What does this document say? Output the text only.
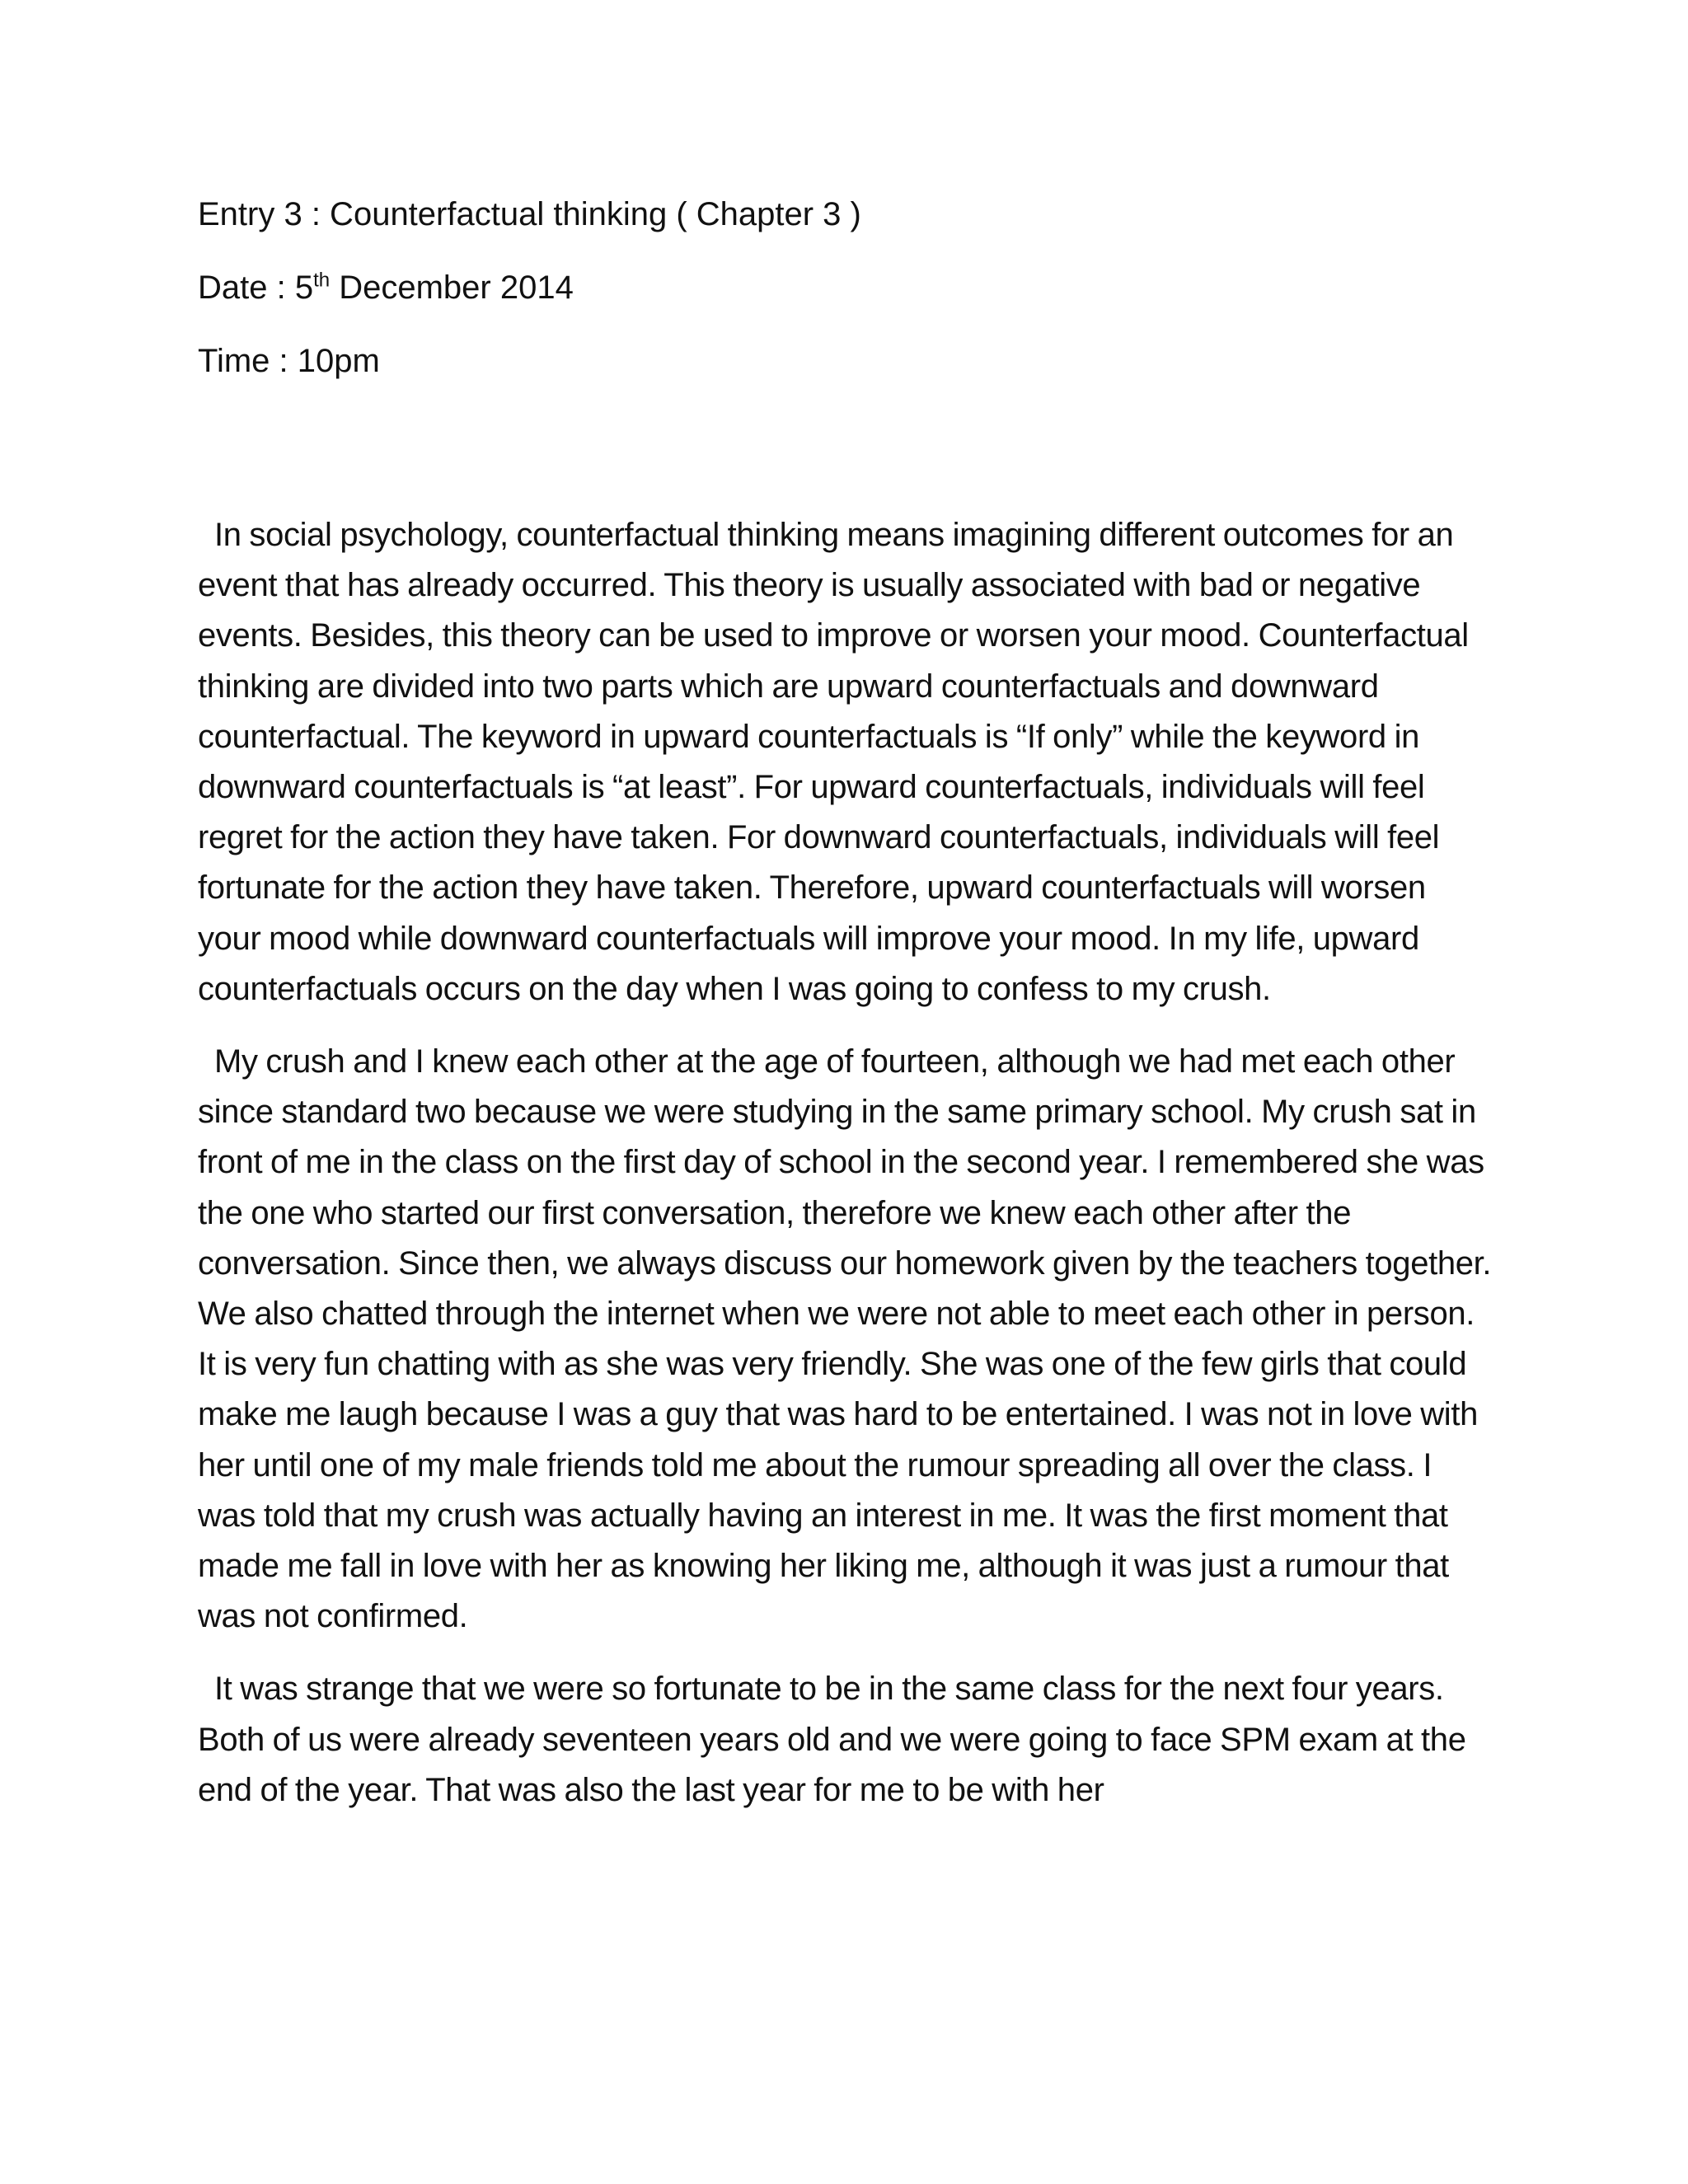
Entry 3 : Counterfactual thinking ( Chapter 3 )
Date : 5th December 2014
Time : 10pm

In social psychology, counterfactual thinking means imagining different outcomes for an event that has already occurred. This theory is usually associated with bad or negative events. Besides, this theory can be used to improve or worsen your mood. Counterfactual thinking are divided into two parts which are upward counterfactuals and downward counterfactual. The keyword in upward counterfactuals is “If only” while the keyword in downward counterfactuals is “at least”. For upward counterfactuals, individuals will feel regret for the action they have taken. For downward counterfactuals, individuals will feel fortunate for the action they have taken. Therefore, upward counterfactuals will worsen your mood while downward counterfactuals will improve your mood. In my life, upward counterfactuals occurs on the day when I was going to confess to my crush.

My crush and I knew each other at the age of fourteen, although we had met each other since standard two because we were studying in the same primary school. My crush sat in front of me in the class on the first day of school in the second year. I remembered she was the one who started our first conversation, therefore we knew each other after the conversation. Since then, we always discuss our homework given by the teachers together. We also chatted through the internet when we were not able to meet each other in person. It is very fun chatting with as she was very friendly. She was one of the few girls that could make me laugh because I was a guy that was hard to be entertained. I was not in love with her until one of my male friends told me about the rumour spreading all over the class. I was told that my crush was actually having an interest in me. It was the first moment that made me fall in love with her as knowing her liking me, although it was just a rumour that was not confirmed.

It was strange that we were so fortunate to be in the same class for the next four years. Both of us were already seventeen years old and we were going to face SPM exam at the end of the year. That was also the last year for me to be with her
